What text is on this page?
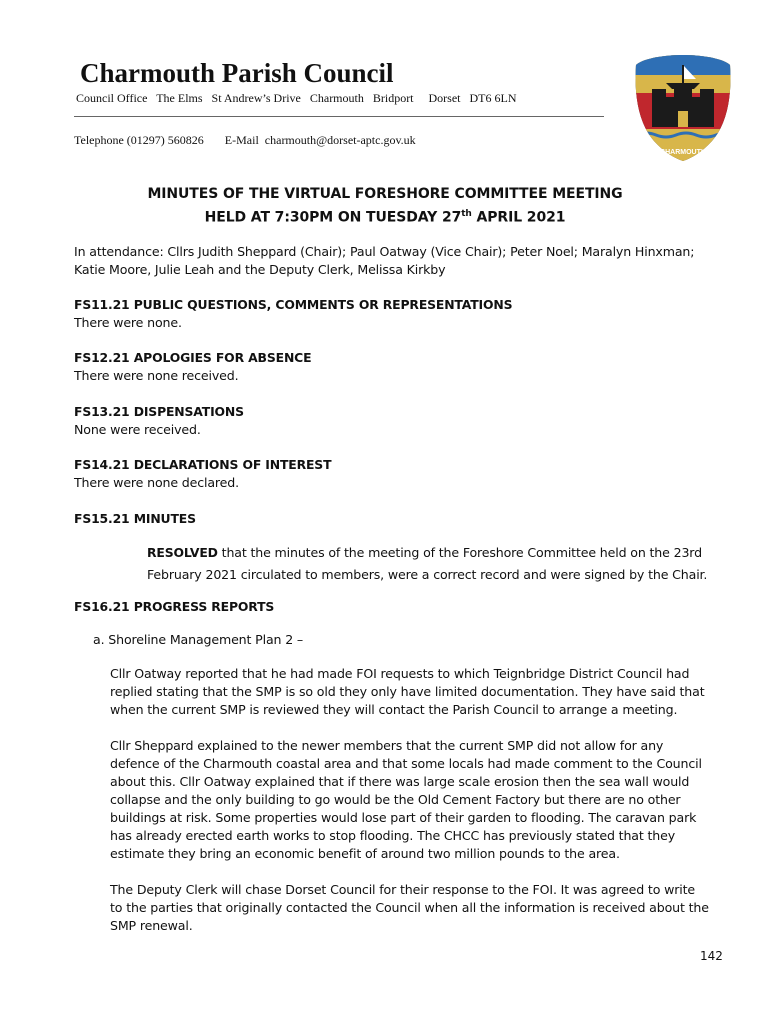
Charmouth Parish Council
Council Office   The Elms   St Andrew’s Drive   Charmouth   Bridport     Dorset   DT6 6LN
Telephone (01297) 560826 E-Mail  charmouth@dorset-aptc.gov.uk
CHARMOUTH
MINUTES OF THE VIRTUAL FORESHORE COMMITTEE MEETING
HELD AT 7:30PM ON TUESDAY 27th APRIL 2021
In attendance: Cllrs Judith Sheppard (Chair); Paul Oatway (Vice Chair); Peter Noel; Maralyn Hinxman;
Katie Moore, Julie Leah and the Deputy Clerk, Melissa Kirkby
FS11.21 PUBLIC QUESTIONS, COMMENTS OR REPRESENTATIONS
There were none.
FS12.21 APOLOGIES FOR ABSENCE
There were none received.
FS13.21 DISPENSATIONS
None were received.
FS14.21 DECLARATIONS OF INTEREST
There were none declared.
FS15.21 MINUTES
RESOLVED that the minutes of the meeting of the Foreshore Committee held on the 23rd
February 2021 circulated to members, were a correct record and were signed by the Chair.
FS16.21 PROGRESS REPORTS
a. Shoreline Management Plan 2 –
Cllr Oatway reported that he had made FOI requests to which Teignbridge District Council had
replied stating that the SMP is so old they only have limited documentation. They have said that
when the current SMP is reviewed they will contact the Parish Council to arrange a meeting.
Cllr Sheppard explained to the newer members that the current SMP did not allow for any
defence of the Charmouth coastal area and that some locals had made comment to the Council
about this. Cllr Oatway explained that if there was large scale erosion then the sea wall would
collapse and the only building to go would be the Old Cement Factory but there are no other
buildings at risk. Some properties would lose part of their garden to flooding. The caravan park
has already erected earth works to stop flooding. The CHCC has previously stated that they
estimate they bring an economic benefit of around two million pounds to the area.
The Deputy Clerk will chase Dorset Council for their response to the FOI. It was agreed to write
to the parties that originally contacted the Council when all the information is received about the
SMP renewal.
142
